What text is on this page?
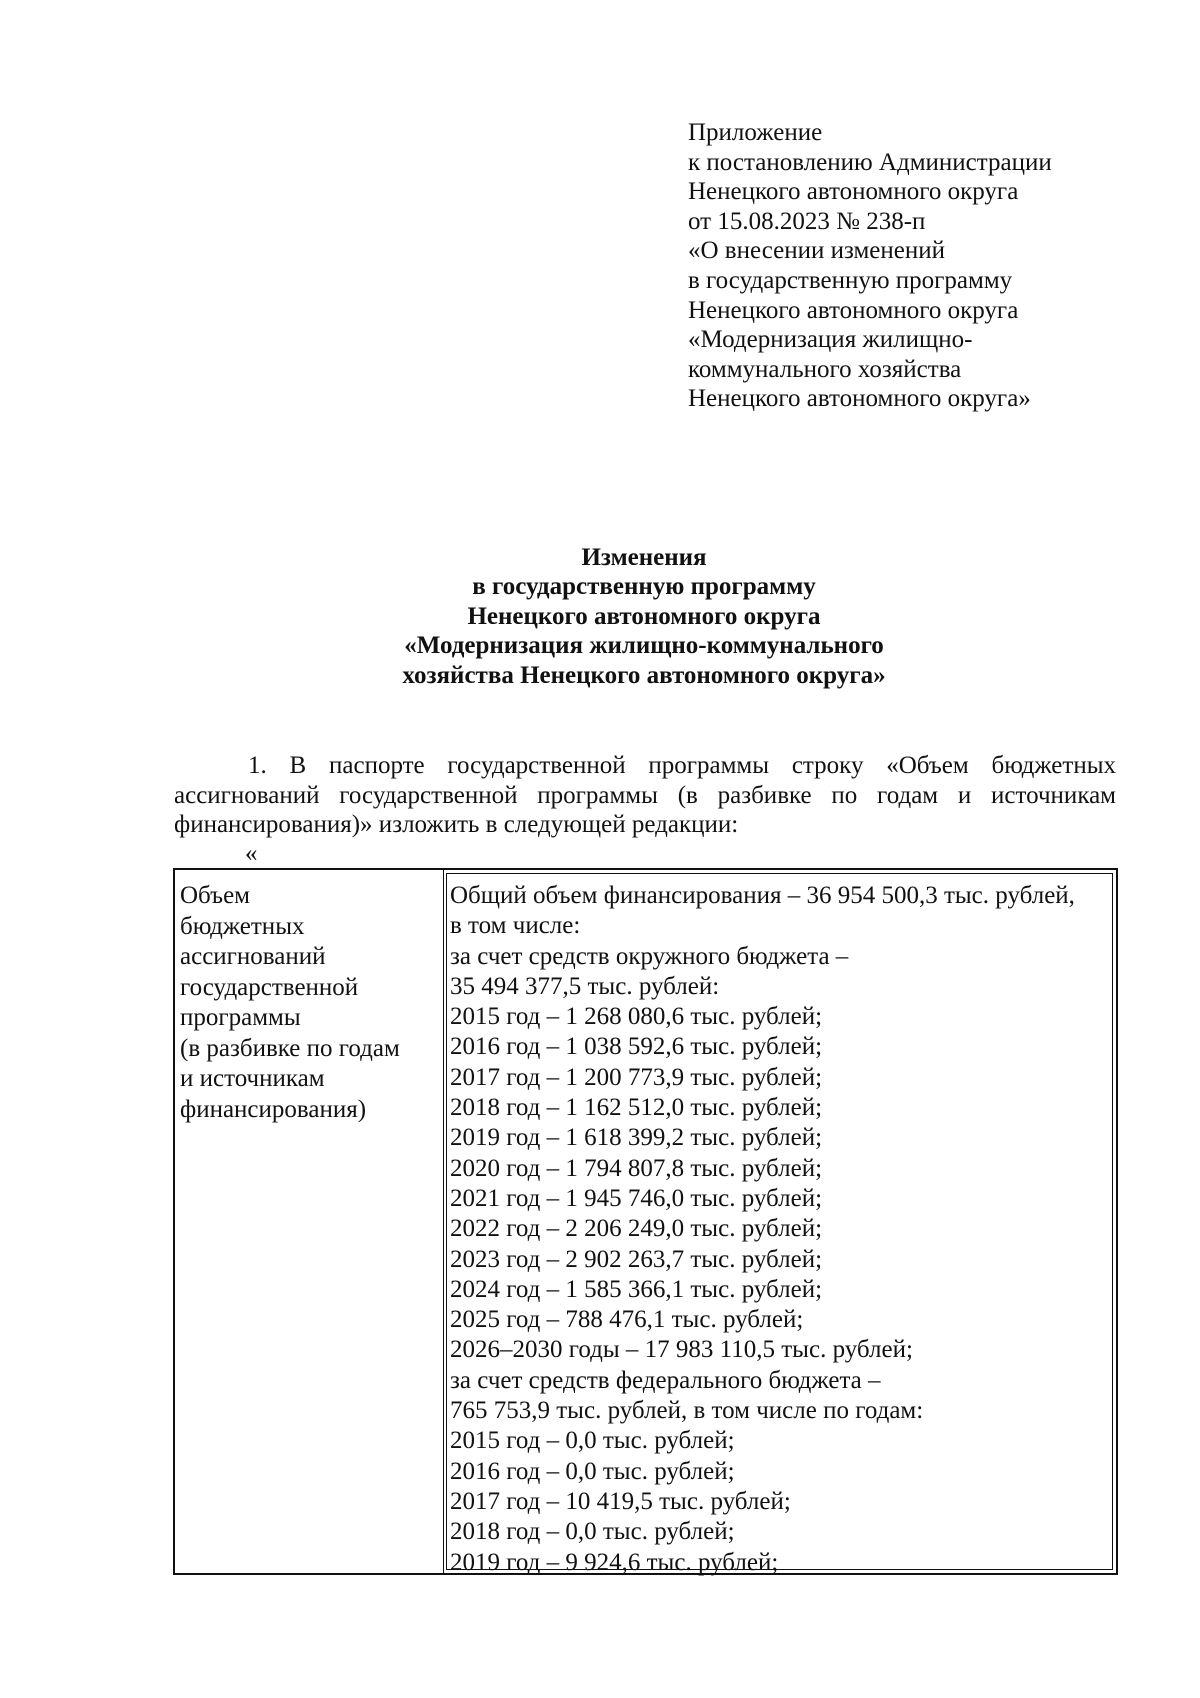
Приложение
к постановлению Администрации
Ненецкого автономного округа
от 15.08.2023 № 238-п
«О внесении изменений
в государственную программу
Ненецкого автономного округа
«Модернизация жилищно-
коммунального хозяйства
Ненецкого автономного округа»
Изменения
в государственную программу
Ненецкого автономного округа
«Модернизация жилищно-коммунального
хозяйства Ненецкого автономного округа»
1. В паспорте государственной программы строку «Объем бюджетных
ассигнований государственной программы (в разбивке по годам и источникам
финансирования)» изложить в следующей редакции:
«
Объем
бюджетных
ассигнований
государственной
программы
(в разбивке по годам
и источникам
финансирования)
Общий объем финансирования – 36 954 500,3 тыс. рублей,
в том числе:
за счет средств окружного бюджета –
35 494 377,5 тыс. рублей:
2015 год – 1 268 080,6 тыс. рублей;
2016 год – 1 038 592,6 тыс. рублей;
2017 год – 1 200 773,9 тыс. рублей;
2018 год – 1 162 512,0 тыс. рублей;
2019 год – 1 618 399,2 тыс. рублей;
2020 год – 1 794 807,8 тыс. рублей;
2021 год – 1 945 746,0 тыс. рублей;
2022 год – 2 206 249,0 тыс. рублей;
2023 год – 2 902 263,7 тыс. рублей;
2024 год – 1 585 366,1 тыс. рублей;
2025 год – 788 476,1 тыс. рублей;
2026–2030 годы – 17 983 110,5 тыс. рублей;
за счет средств федерального бюджета –
765 753,9 тыс. рублей, в том числе по годам:
2015 год – 0,0 тыс. рублей;
2016 год – 0,0 тыс. рублей;
2017 год – 10 419,5 тыс. рублей;
2018 год – 0,0 тыс. рублей;
2019 год – 9 924,6 тыс. рублей;
